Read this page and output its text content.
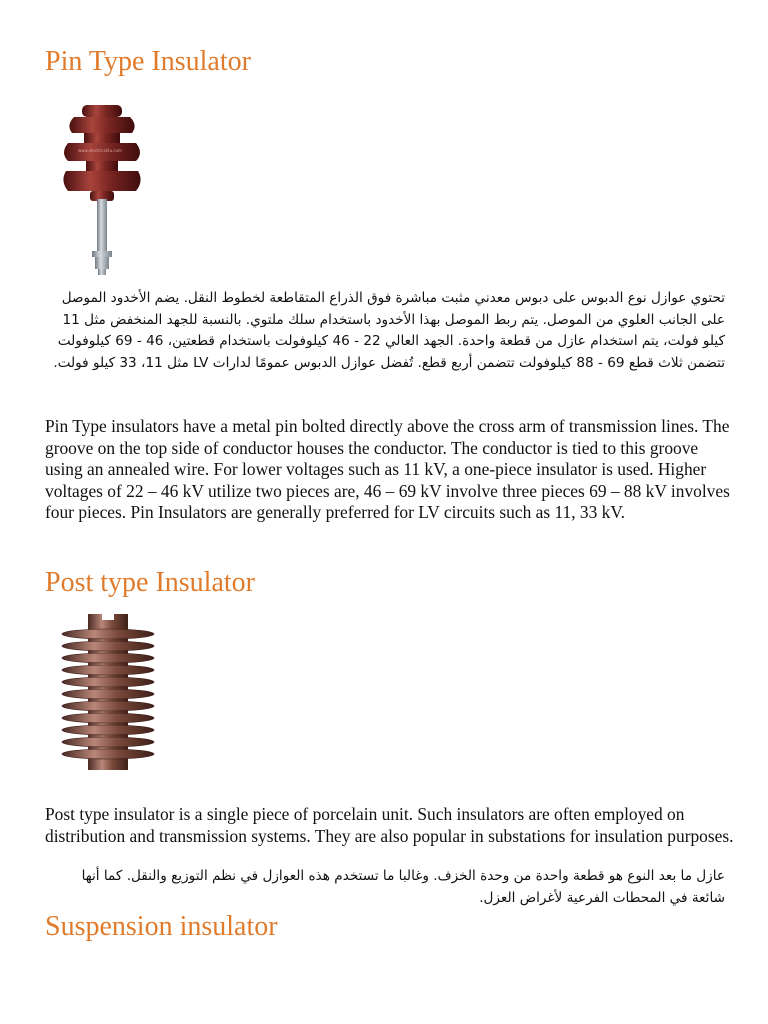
Pin Type Insulator
www.electrical4u.com

تحتوي عوازل نوع الدبوس على دبوس معدني مثبت مباشرة فوق الذراع المتقاطعة لخطوط النقل. يضم الأخدود الموصل على الجانب العلوي من الموصل. يتم ربط الموصل بهذا الأخدود باستخدام سلك ملتوي. بالنسبة للجهد المنخفض مثل 11 كيلو فولت، يتم استخدام عازل من قطعة واحدة. الجهد العالي 22 - 46 كيلوفولت باستخدام قطعتين، 46 - 69 كيلوفولت تتضمن ثلاث قطع 69 - 88 كيلوفولت تتضمن أربع قطع. تُفضل عوازل الدبوس عمومًا لدارات LV مثل 11، 33 كيلو فولت.

Pin Type insulators have a metal pin bolted directly above the cross arm of transmission lines. The groove on the top side of conductor houses the conductor. The conductor is tied to this groove using an annealed wire. For lower voltages such as 11 kV, a one-piece insulator is used. Higher voltages of 22 – 46 kV utilize two pieces are, 46 – 69 kV involve three pieces 69 – 88 kV involves four pieces. Pin Insulators are generally preferred for LV circuits such as 11, 33 kV.

Post type Insulator

Post type insulator is a single piece of porcelain unit. Such insulators are often employed on distribution and transmission systems. They are also popular in substations for insulation purposes.

عازل ما بعد النوع هو قطعة واحدة من وحدة الخزف. وغالبا ما تستخدم هذه العوازل في نظم التوزيع والنقل. كما أنها شائعة في المحطات الفرعية لأغراض العزل.

Suspension insulator
